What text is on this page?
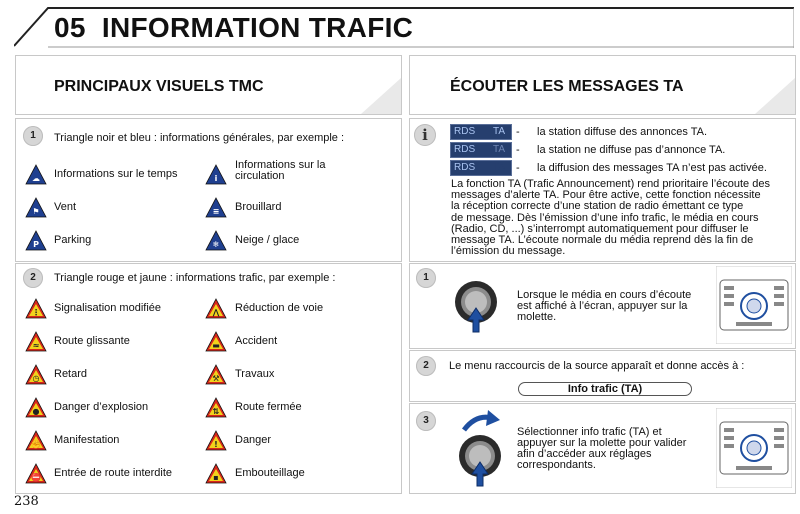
05 INFORMATION TRAFIC
PRINCIPAUX VISUELS TMC	ÉCOUTER LES MESSAGES TA
1	Triangle noir et bleu : informations générales, par exemple :
☁ Informations sur le temps	i
Informations sur la
circulation
⚑ Vent	≡ Brouillard
P Parking	❄ Neige / glace
2	Triangle rouge et jaune : informations trafic, par exemple :
⋮ Signalisation modifiée	⋀ Réduction de voie
≈ Route glissante	▬ Accident
◷ Retard	⚒ Travaux
● Danger d’explosion	⇅ Route fermée
✊ Manifestation	! Danger
⛔ Entrée de route interdite	▪ Embouteillage
i	RDS TA - la station diffuse des annonces TA.
RDS TA - la station ne diffuse pas d’annonce TA.
RDS TA - la diffusion des messages TA n’est pas activée.
La fonction TA (Trafic Announcement) rend prioritaire l’écoute des
messages d’alerte TA. Pour être active, cette fonction nécessite
la réception correcte d’une station de radio émettant ce type
de message. Dès l’émission d’une info trafic, le média en cours
(Radio, CD, ...) s’interrompt automatiquement pour diffuser le
message TA. L’écoute normale du média reprend dès la fin de
l’émission du message.
1
Lorsque le média en cours d’écoute
est affiché à l’écran, appuyer sur la
molette.
2	Le menu raccourcis de la source apparaît et donne accès à :
Info trafic (TA)
3
Sélectionner info trafic (TA) et
appuyer sur la molette pour valider
afin d’accéder aux réglages
correspondants.
238
